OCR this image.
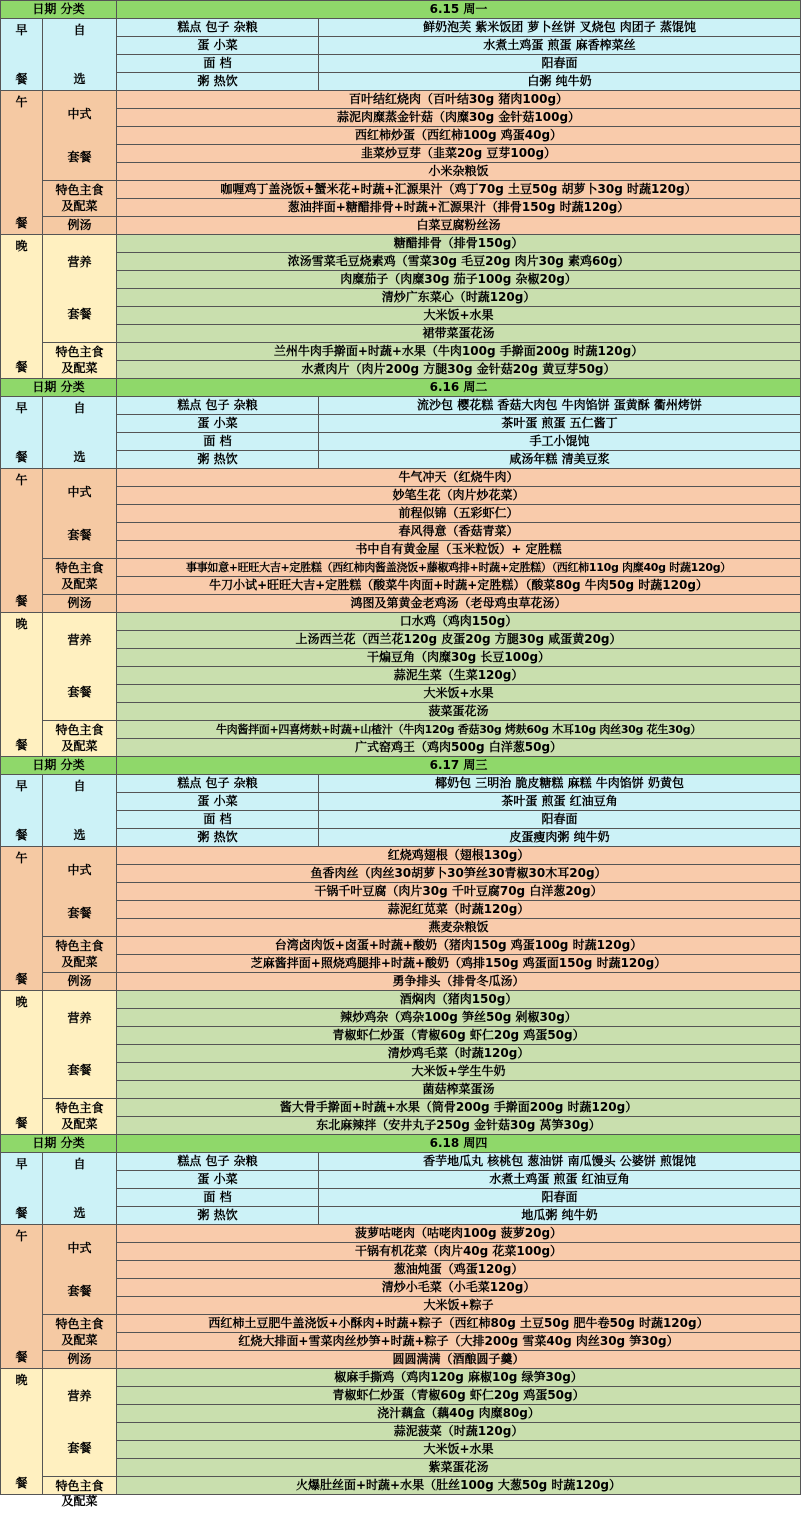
日期 分类		6.15 周一	

早
餐	自
选	糕点 包子 杂粮	鲜奶泡芙 紫米饭团 萝卜丝饼 叉烧包 肉团子 蒸馄饨
		蛋 小菜	水煮土鸡蛋 煎蛋 麻香榨菜丝
		面 档	阳春面
		粥 热饮	白粥 纯牛奶

午
餐	中式
套餐	百叶结红烧肉（百叶结30g 猪肉100g）	
		蒜泥肉糜蒸金针菇（肉糜30g 金针菇100g）	
		西红柿炒蛋（西红柿100g 鸡蛋40g）	
		韭菜炒豆芽（韭菜20g 豆芽100g）	
		小米杂粮饭	

	特色主食
及配菜	咖喱鸡丁盖浇饭+蟹米花+时蔬+汇源果汁（鸡丁70g 土豆50g 胡萝卜30g 时蔬120g）	
		葱油拌面+糖醋排骨+时蔬+汇源果汁（排骨150g 时蔬120g）	
	例汤	白菜豆腐粉丝汤	

晚
餐	营养
套餐	糖醋排骨（排骨150g）	
		浓汤雪菜毛豆烧素鸡（雪菜30g 毛豆20g 肉片30g 素鸡60g）	
		肉糜茄子（肉糜30g 茄子100g 杂椒20g）	
		清炒广东菜心（时蔬120g）	
		大米饭+水果	
		裙带菜蛋花汤	

	特色主食
及配菜	兰州牛肉手擀面+时蔬+水果（牛肉100g 手擀面200g 时蔬120g）	
		水煮肉片（肉片200g 方腿30g 金针菇20g 黄豆芽50g）	
日期 分类		6.16 周二	

早
餐	自
选	糕点 包子 杂粮	流沙包 樱花糕 香菇大肉包 牛肉馅饼 蛋黄酥 衢州烤饼
		蛋 小菜	茶叶蛋 煎蛋 五仁酱丁
		面 档	手工小馄饨
		粥 热饮	咸汤年糕 清美豆浆

午
餐	中式
套餐	牛气冲天（红烧牛肉）	
		妙笔生花（肉片炒花菜）	
		前程似锦（五彩虾仁）	
		春风得意（香菇青菜）	
		书中自有黄金屋（玉米粒饭）+ 定胜糕	

	特色主食
及配菜	事事如意+旺旺大吉+定胜糕（西红柿肉酱盖浇饭+藤椒鸡排+时蔬+定胜糕）（西红柿110g 肉糜40g 时蔬120g）	
		牛刀小试+旺旺大吉+定胜糕（酸菜牛肉面+时蔬+定胜糕）（酸菜80g 牛肉50g 时蔬120g）	
	例汤	鸿图及第黄金老鸡汤（老母鸡虫草花汤）	

晚
餐	营养
套餐	口水鸡（鸡肉150g）	
		上汤西兰花（西兰花120g 皮蛋20g 方腿30g 咸蛋黄20g）	
		干煸豆角（肉糜30g 长豆100g）	
		蒜泥生菜（生菜120g）	
		大米饭+水果	
		菠菜蛋花汤	

	特色主食
及配菜	牛肉酱拌面+四喜烤麸+时蔬+山楂汁（牛肉120g 香菇30g 烤麸60g 木耳10g 肉丝30g 花生30g）	
		广式窑鸡王（鸡肉500g 白洋葱50g）	
日期 分类		6.17 周三	

早
餐	自
选	糕点 包子 杂粮	椰奶包 三明治 脆皮糖糕 麻糕 牛肉馅饼 奶黄包
		蛋 小菜	茶叶蛋 煎蛋 红油豆角
		面 档	阳春面
		粥 热饮	皮蛋瘦肉粥 纯牛奶

午
餐	中式
套餐	红烧鸡翅根（翅根130g）	
		鱼香肉丝（肉丝30胡萝卜30笋丝30青椒30木耳20g）	
		干锅千叶豆腐（肉片30g 千叶豆腐70g 白洋葱20g）	
		蒜泥红苋菜（时蔬120g）	
		燕麦杂粮饭	

	特色主食
及配菜	台湾卤肉饭+卤蛋+时蔬+酸奶（猪肉150g 鸡蛋100g 时蔬120g）	
		芝麻酱拌面+照烧鸡腿排+时蔬+酸奶（鸡排150g 鸡蛋面150g 时蔬120g）	
	例汤	勇争排头（排骨冬瓜汤）	

晚
餐	营养
套餐	酒焖肉（猪肉150g）	
		辣炒鸡杂（鸡杂100g 笋丝50g 剁椒30g）	
		青椒虾仁炒蛋（青椒60g 虾仁20g 鸡蛋50g）	
		清炒鸡毛菜（时蔬120g）	
		大米饭+学生牛奶	
		菌菇榨菜蛋汤	

	特色主食
及配菜	酱大骨手擀面+时蔬+水果（筒骨200g 手擀面200g 时蔬120g）	
		东北麻辣拌（安井丸子250g 金针菇30g 莴笋30g）	
日期 分类		6.18 周四	

早
餐	自
选	糕点 包子 杂粮	香芋地瓜丸 核桃包 葱油饼 南瓜馒头 公婆饼 煎馄饨
		蛋 小菜	水煮土鸡蛋 煎蛋 红油豆角
		面 档	阳春面
		粥 热饮	地瓜粥 纯牛奶

午
餐	中式
套餐	菠萝咕咾肉（咕咾肉100g 菠萝20g）	
		干锅有机花菜（肉片40g 花菜100g）	
		葱油炖蛋（鸡蛋120g）	
		清炒小毛菜（小毛菜120g）	
		大米饭+粽子	

	特色主食
及配菜	西红柿土豆肥牛盖浇饭+小酥肉+时蔬+粽子（西红柿80g 土豆50g 肥牛卷50g 时蔬120g）	
		红烧大排面+雪菜肉丝炒笋+时蔬+粽子（大排200g 雪菜40g 肉丝30g 笋30g）	
	例汤	圆圆满满（酒酿圆子羹）	

晚
餐	营养
套餐	椒麻手撕鸡（鸡肉120g 麻椒10g 绿笋30g）	
		青椒虾仁炒蛋（青椒60g 虾仁20g 鸡蛋50g）	
		浇汁藕盒（藕40g 肉糜80g）	
		蒜泥菠菜（时蔬120g）	
		大米饭+水果	
		紫菜蛋花汤	

	特色主食
及配菜	火爆肚丝面+时蔬+水果（肚丝100g 大葱50g 时蔬120g）	
